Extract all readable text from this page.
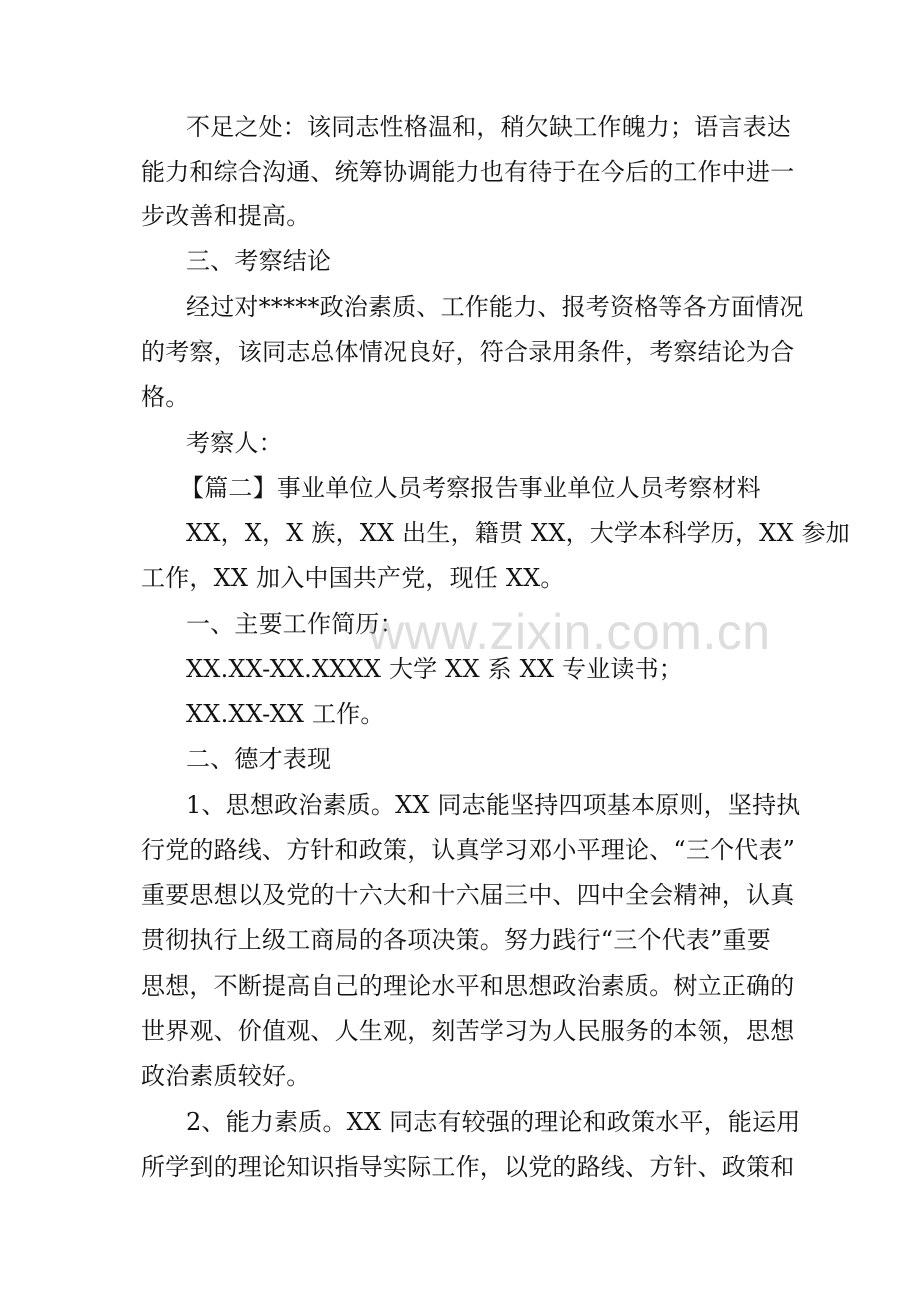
不足之处：该同志性格温和，稍欠缺工作魄力；语言表达

能力和综合沟通、统筹协调能力也有待于在今后的工作中进一

步改善和提高。

三、考察结论

经过对*****政治素质、工作能力、报考资格等各方面情况

的考察，该同志总体情况良好，符合录用条件，考察结论为合

格。

考察人：

【篇二】事业单位人员考察报告事业单位人员考察材料

XX，X，X 族，XX 出生，籍贯 XX，大学本科学历，XX 参加

工作，XX 加入中国共产党，现任 XX。

一、主要工作简历：

XX.XX-XX.XXXX 大学 XX 系 XX 专业读书；

XX.XX-XX 工作。

二、德才表现

1、思想政治素质。XX 同志能坚持四项基本原则，坚持执

行党的路线、方针和政策，认真学习邓小平理论、“三个代表”

重要思想以及党的十六大和十六届三中、四中全会精神，认真

贯彻执行上级工商局的各项决策。努力践行“三个代表”重要

思想，不断提高自己的理论水平和思想政治素质。树立正确的

世界观、价值观、人生观，刻苦学习为人民服务的本领，思想

政治素质较好。

2、能力素质。XX 同志有较强的理论和政策水平，能运用

所学到的理论知识指导实际工作，以党的路线、方针、政策和

www.zixin.com.cn
